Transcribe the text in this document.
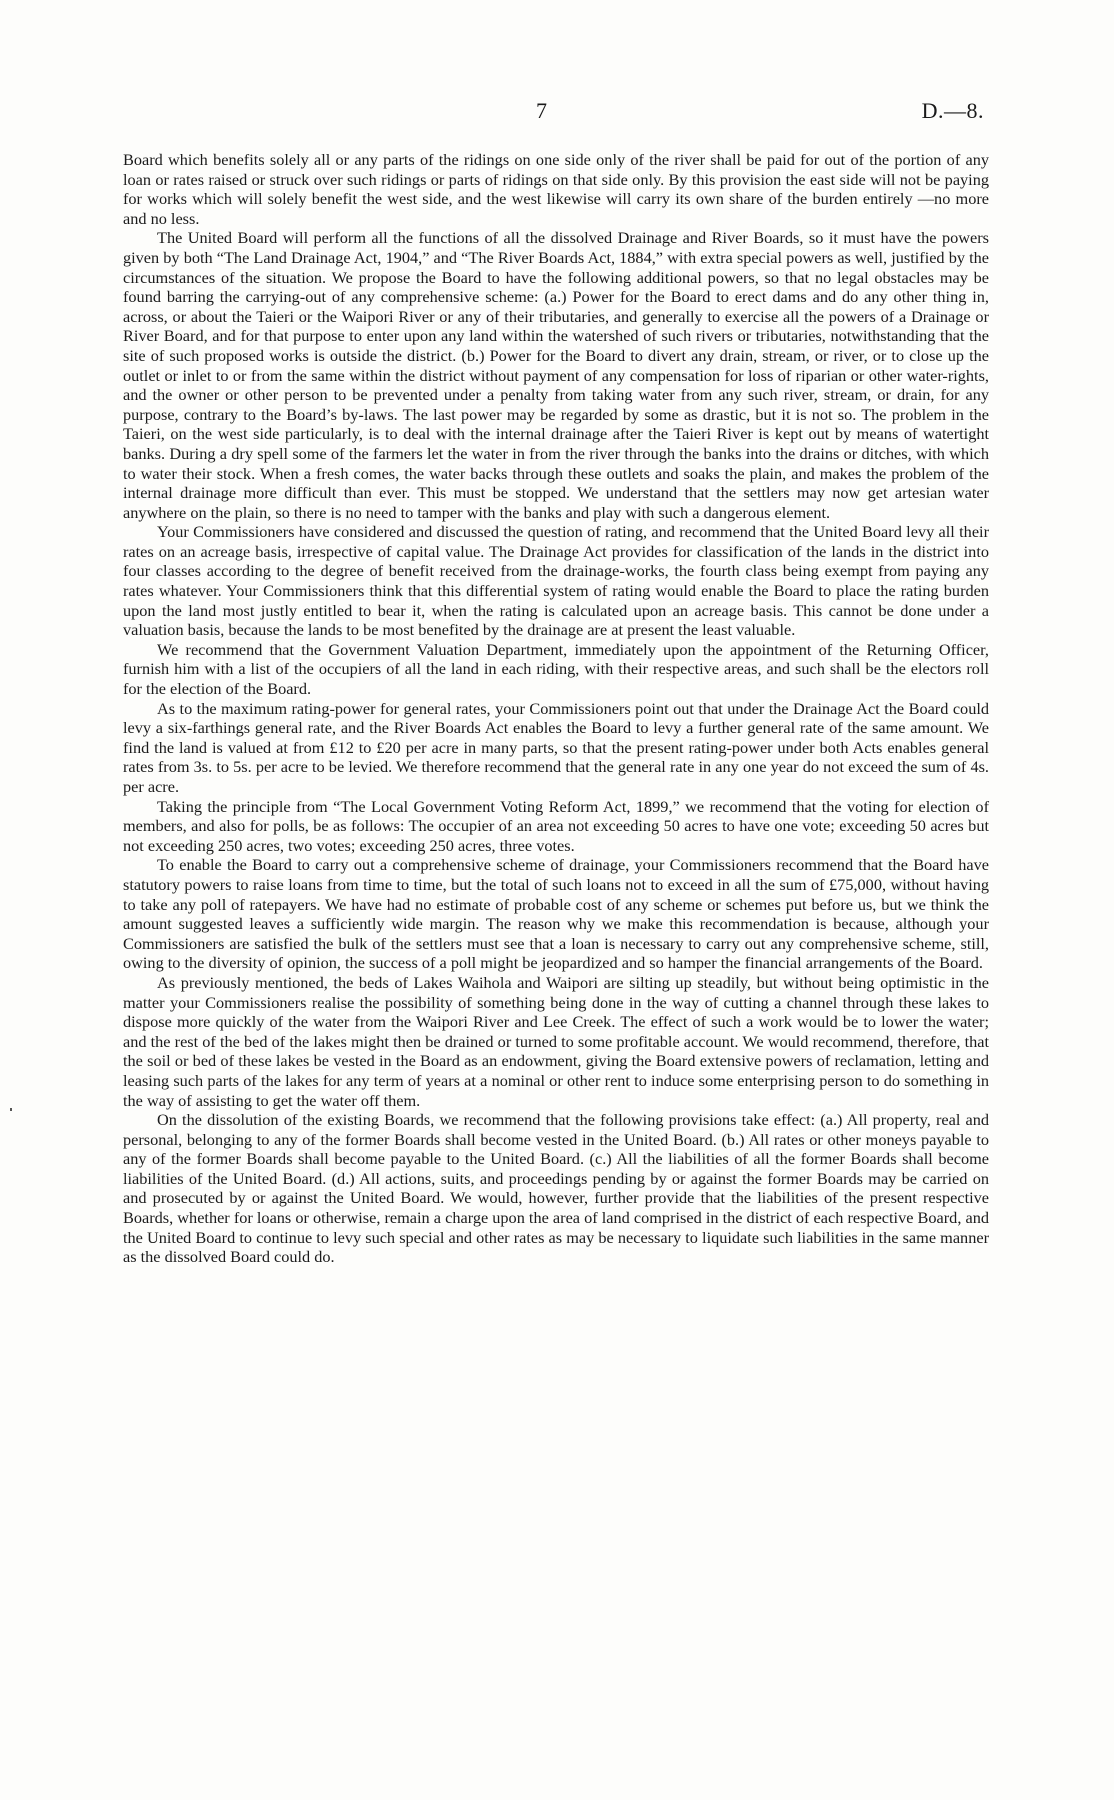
7	D.—8.

Board which benefits solely all or any parts of the ridings on one side only of the river shall be paid for out of the portion of any loan or rates raised or struck over such ridings or parts of ridings on that side only. By this provision the east side will not be paying for works which will solely benefit the west side, and the west likewise will carry its own share of the burden entirely —no more and no less.

The United Board will perform all the functions of all the dissolved Drainage and River Boards, so it must have the powers given by both “The Land Drainage Act, 1904,” and “The River Boards Act, 1884,” with extra special powers as well, justified by the circumstances of the situation. We propose the Board to have the following additional powers, so that no legal obstacles may be found barring the carrying-out of any comprehensive scheme: (a.) Power for the Board to erect dams and do any other thing in, across, or about the Taieri or the Waipori River or any of their tributaries, and generally to exercise all the powers of a Drainage or River Board, and for that purpose to enter upon any land within the watershed of such rivers or tributaries, notwithstanding that the site of such proposed works is outside the district. (b.) Power for the Board to divert any drain, stream, or river, or to close up the outlet or inlet to or from the same within the district without payment of any compensation for loss of riparian or other water-rights, and the owner or other person to be prevented under a penalty from taking water from any such river, stream, or drain, for any purpose, contrary to the Board’s by-laws. The last power may be regarded by some as drastic, but it is not so. The problem in the Taieri, on the west side particularly, is to deal with the internal drainage after the Taieri River is kept out by means of watertight banks. During a dry spell some of the farmers let the water in from the river through the banks into the drains or ditches, with which to water their stock. When a fresh comes, the water backs through these outlets and soaks the plain, and makes the problem of the internal drainage more difficult than ever. This must be stopped. We understand that the settlers may now get artesian water anywhere on the plain, so there is no need to tamper with the banks and play with such a dangerous element.

Your Commissioners have considered and discussed the question of rating, and recommend that the United Board levy all their rates on an acreage basis, irrespective of capital value. The Drainage Act provides for classification of the lands in the district into four classes according to the degree of benefit received from the drainage-works, the fourth class being exempt from paying any rates whatever. Your Commissioners think that this differential system of rating would enable the Board to place the rating burden upon the land most justly entitled to bear it, when the rating is calculated upon an acreage basis. This cannot be done under a valuation basis, because the lands to be most benefited by the drainage are at present the least valuable.

We recommend that the Government Valuation Department, immediately upon the appointment of the Returning Officer, furnish him with a list of the occupiers of all the land in each riding, with their respective areas, and such shall be the electors roll for the election of the Board.

As to the maximum rating-power for general rates, your Commissioners point out that under the Drainage Act the Board could levy a six-farthings general rate, and the River Boards Act enables the Board to levy a further general rate of the same amount. We find the land is valued at from £12 to £20 per acre in many parts, so that the present rating-power under both Acts enables general rates from 3s. to 5s. per acre to be levied. We therefore recommend that the general rate in any one year do not exceed the sum of 4s. per acre.

Taking the principle from “The Local Government Voting Reform Act, 1899,” we recommend that the voting for election of members, and also for polls, be as follows: The occupier of an area not exceeding 50 acres to have one vote; exceeding 50 acres but not exceeding 250 acres, two votes; exceeding 250 acres, three votes.

To enable the Board to carry out a comprehensive scheme of drainage, your Commissioners recommend that the Board have statutory powers to raise loans from time to time, but the total of such loans not to exceed in all the sum of £75,000, without having to take any poll of ratepayers. We have had no estimate of probable cost of any scheme or schemes put before us, but we think the amount suggested leaves a sufficiently wide margin. The reason why we make this recommendation is because, although your Commissioners are satisfied the bulk of the settlers must see that a loan is necessary to carry out any comprehensive scheme, still, owing to the diversity of opinion, the success of a poll might be jeopardized and so hamper the financial arrangements of the Board.

As previously mentioned, the beds of Lakes Waihola and Waipori are silting up steadily, but without being optimistic in the matter your Commissioners realise the possibility of something being done in the way of cutting a channel through these lakes to dispose more quickly of the water from the Waipori River and Lee Creek. The effect of such a work would be to lower the water; and the rest of the bed of the lakes might then be drained or turned to some profitable account. We would recommend, therefore, that the soil or bed of these lakes be vested in the Board as an endowment, giving the Board extensive powers of reclamation, letting and leasing such parts of the lakes for any term of years at a nominal or other rent to induce some enterprising person to do something in the way of assisting to get the water off them.

On the dissolution of the existing Boards, we recommend that the following provisions take effect: (a.) All property, real and personal, belonging to any of the former Boards shall become vested in the United Board. (b.) All rates or other moneys payable to any of the former Boards shall become payable to the United Board. (c.) All the liabilities of all the former Boards shall become liabilities of the United Board. (d.) All actions, suits, and proceedings pending by or against the former Boards may be carried on and prosecuted by or against the United Board. We would, however, further provide that the liabilities of the present respective Boards, whether for loans or otherwise, remain a charge upon the area of land comprised in the district of each respective Board, and the United Board to continue to levy such special and other rates as may be necessary to liquidate such liabilities in the same manner as the dissolved Board could do.
